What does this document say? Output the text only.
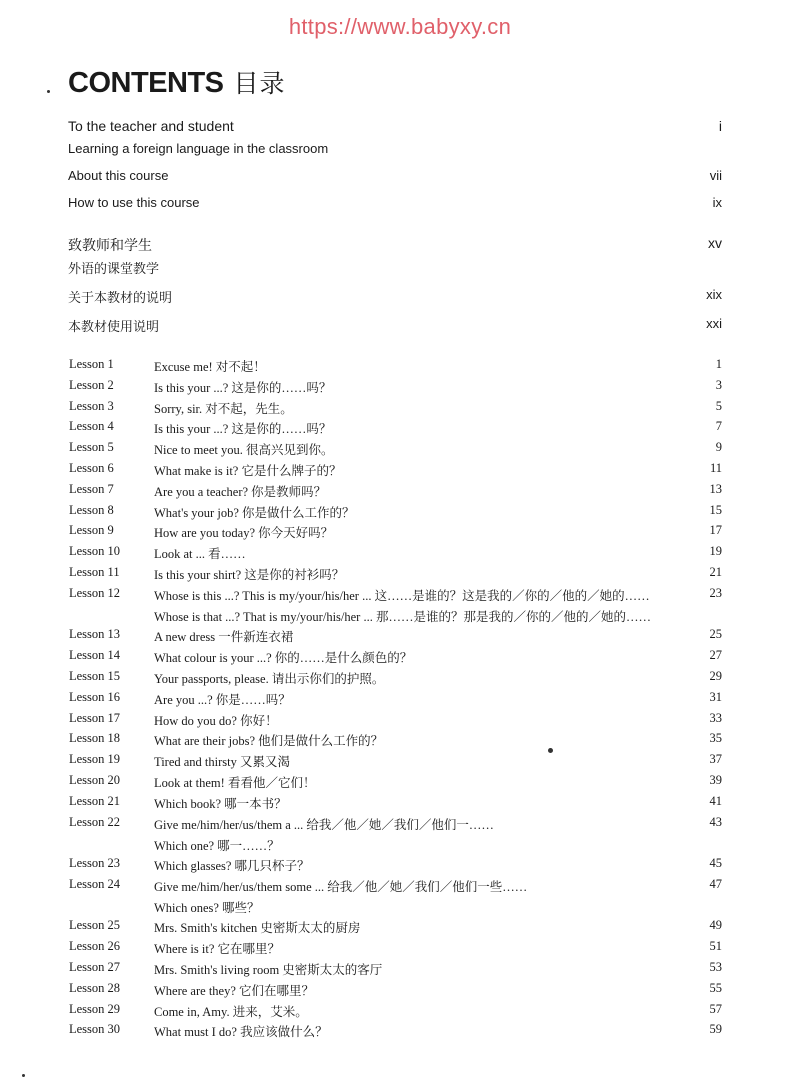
https://www.babyxy.cn
CONTENTS 目录
To the teacher and student	i
Learning a foreign language in the classroom
About this course	vii
How to use this course	ix
致教师和学生	xv
外语的课堂教学
关于本教材的说明	xix
本教材使用说明	xxi
Lesson 1	Excuse me! 对不起！	1
Lesson 2	Is this your ...? 这是你的……吗？	3
Lesson 3	Sorry, sir. 对不起，先生。	5
Lesson 4	Is this your ...? 这是你的……吗？	7
Lesson 5	Nice to meet you. 很高兴见到你。	9
Lesson 6	What make is it? 它是什么牌子的？	11
Lesson 7	Are you a teacher? 你是教师吗？	13
Lesson 8	What's your job? 你是做什么工作的？	15
Lesson 9	How are you today? 你今天好吗？	17
Lesson 10	Look at ... 看……	19
Lesson 11	Is this your shirt? 这是你的衬衫吗？	21
Lesson 12	Whose is this ...? This is my/your/his/her ... 这……是谁的？这是我的／你的／他的／她的……	23
Whose is that ...? That is my/your/his/her ... 那……是谁的？那是我的／你的／他的／她的……
Lesson 13	A new dress 一件新连衣裙	25
Lesson 14	What colour is your ...? 你的……是什么颜色的？	27
Lesson 15	Your passports, please. 请出示你们的护照。	29
Lesson 16	Are you ...? 你是……吗？	31
Lesson 17	How do you do? 你好！	33
Lesson 18	What are their jobs? 他们是做什么工作的？	35
Lesson 19	Tired and thirsty 又累又渴	37
Lesson 20	Look at them! 看看他／它们！	39
Lesson 21	Which book? 哪一本书？	41
Lesson 22	Give me/him/her/us/them a ... 给我／他／她／我们／他们一……	43
Which one? 哪一……？
Lesson 23	Which glasses? 哪几只杯子？	45
Lesson 24	Give me/him/her/us/them some ... 给我／他／她／我们／他们一些……	47
Which ones? 哪些？
Lesson 25	Mrs. Smith's kitchen 史密斯太太的厨房	49
Lesson 26	Where is it? 它在哪里？	51
Lesson 27	Mrs. Smith's living room 史密斯太太的客厅	53
Lesson 28	Where are they? 它们在哪里？	55
Lesson 29	Come in, Amy. 进来，艾米。	57
Lesson 30	What must I do? 我应该做什么？	59
